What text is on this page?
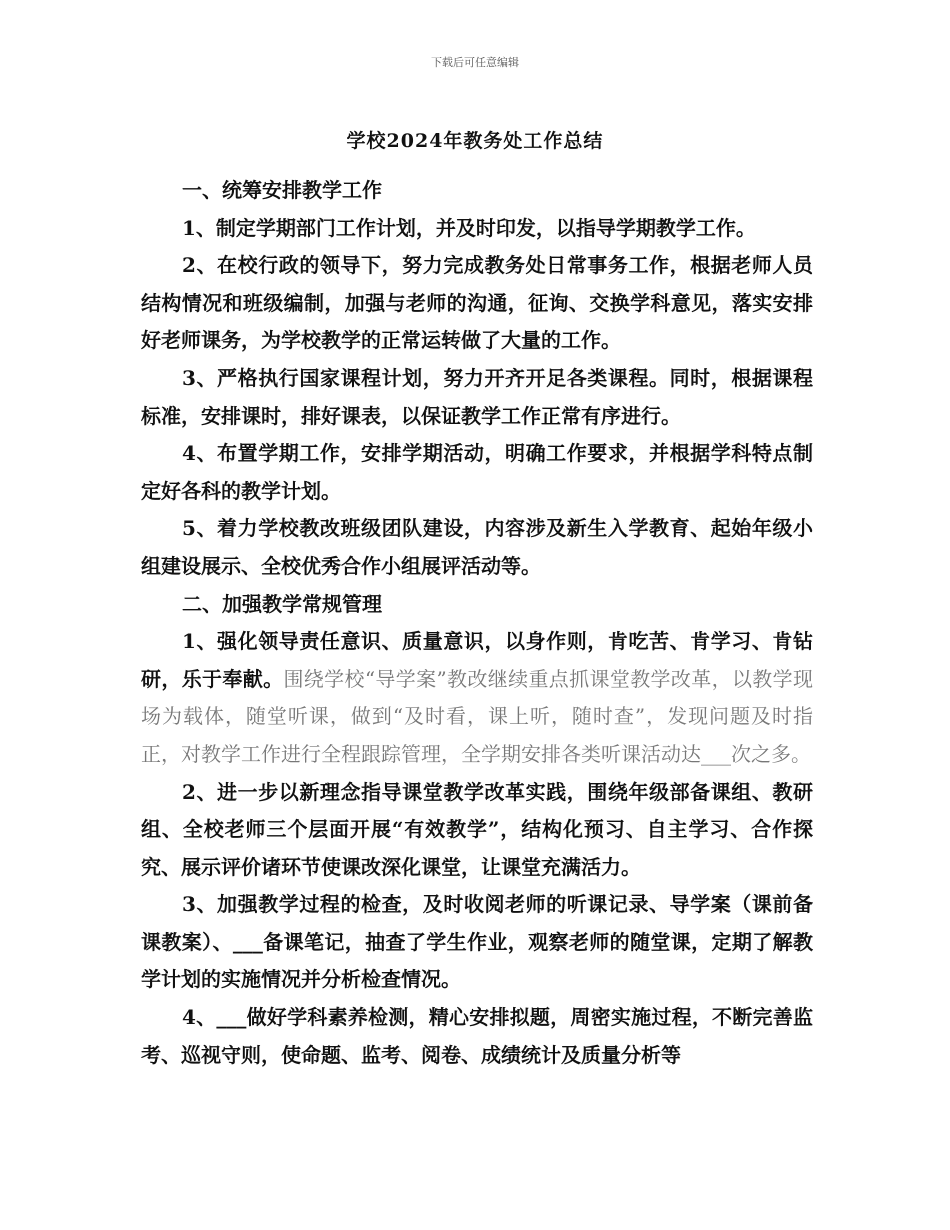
下载后可任意编辑
学校2024年教务处工作总结

一、统筹安排教学工作

1、制定学期部门工作计划，并及时印发，以指导学期教学工作。

2、在校行政的领导下，努力完成教务处日常事务工作，根据老师人员结构情况和班级编制，加强与老师的沟通，征询、交换学科意见，落实安排好老师课务，为学校教学的正常运转做了大量的工作。

3、严格执行国家课程计划，努力开齐开足各类课程。同时，根据课程标准，安排课时，排好课表，以保证教学工作正常有序进行。

4、布置学期工作，安排学期活动，明确工作要求，并根据学科特点制定好各科的教学计划。

5、着力学校教改班级团队建设，内容涉及新生入学教育、起始年级小组建设展示、全校优秀合作小组展评活动等。

二、加强教学常规管理

1、强化领导责任意识、质量意识，以身作则，肯吃苦、肯学习、肯钻研，乐于奉献。围绕学校“导学案”教改继续重点抓课堂教学改革，以教学现场为载体，随堂听课，做到“及时看，课上听，随时查”，发现问题及时指正，对教学工作进行全程跟踪管理，全学期安排各类听课活动达___次之多。

2、进一步以新理念指导课堂教学改革实践，围绕年级部备课组、教研组、全校老师三个层面开展“有效教学”，结构化预习、自主学习、合作探究、展示评价诸环节使课改深化课堂，让课堂充满活力。

3、加强教学过程的检查，及时收阅老师的听课记录、导学案（课前备课教案）、___备课笔记，抽查了学生作业，观察老师的随堂课，定期了解教学计划的实施情况并分析检查情况。

4、___做好学科素养检测，精心安排拟题，周密实施过程，不断完善监考、巡视守则，使命题、监考、阅卷、成绩统计及质量分析等
